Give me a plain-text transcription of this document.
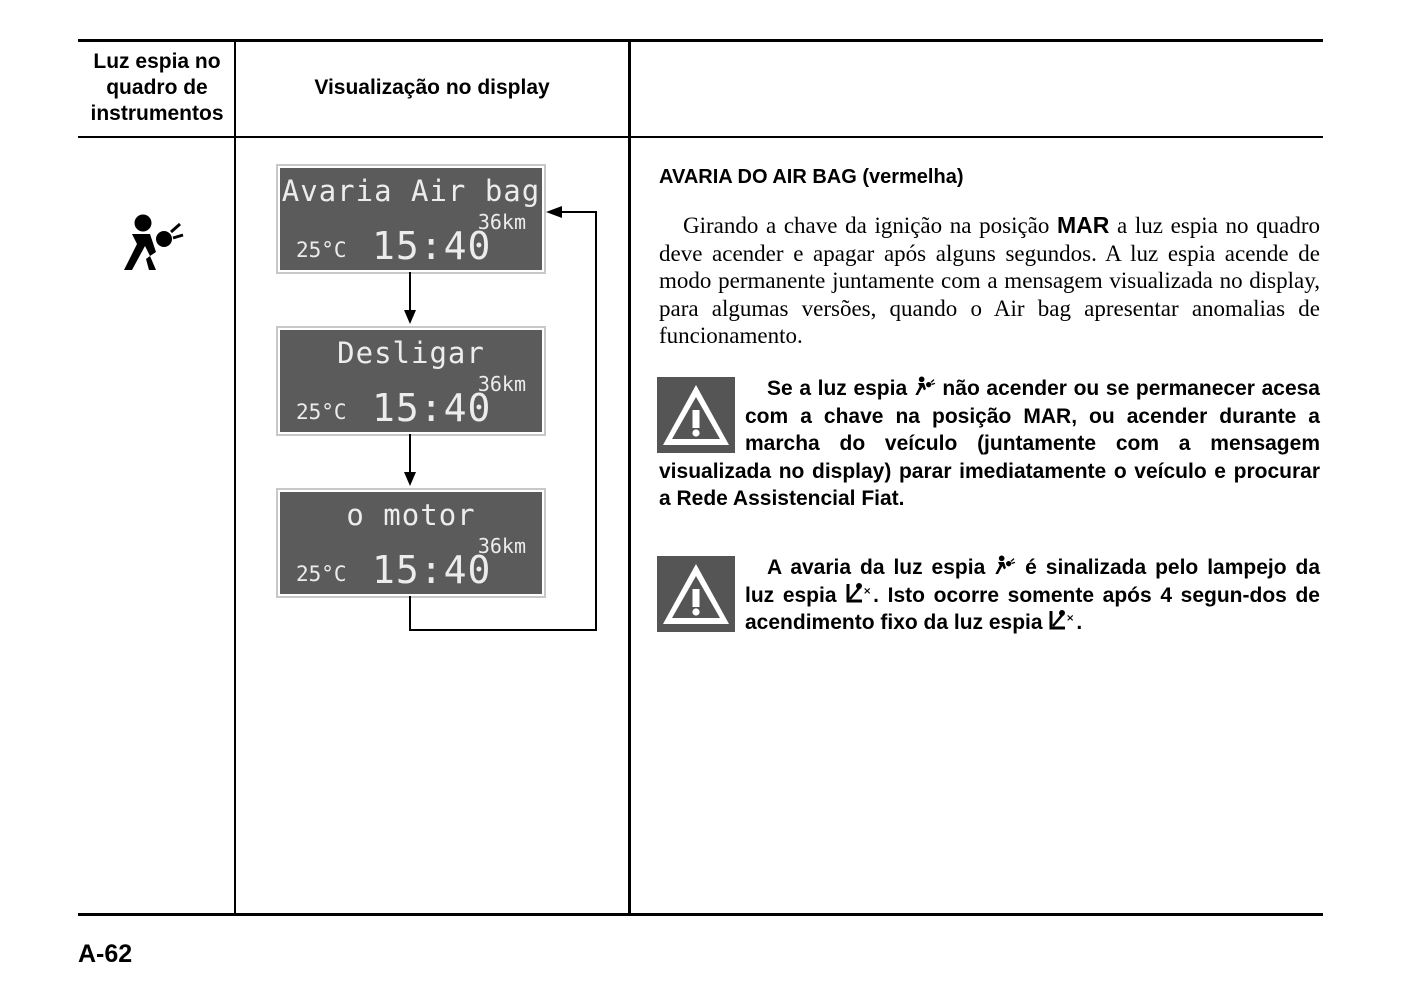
Luz espia no
quadro de
instrumentos
Visualização no display
Avaria Air bag
36km
25°C 15:40
Desligar
36km
25°C 15:40
o motor
36km
25°C 15:40
AVARIA DO AIR BAG (vermelha)
Girando a chave da ignição na posição MAR a luz espia no quadro deve acender e apagar após alguns segundos. A luz espia acende de modo permanente juntamente com a mensagem visualizada no display, para algumas versões, quando o Air bag apresentar anomalias de funcionamento.
Se a luz espia  não acender ou se permanecer acesa com a chave na posição MAR, ou acender durante a marcha do veículo (juntamente com a mensagem visualizada no display) parar imediatamente o veículo e procurar a Rede Assistencial Fiat.
A avaria da luz espia  é sinalizada pelo lampejo da luz espia × . Isto ocorre somente após 4 segun-dos de acendimento fixo da luz espia × .
A-62
